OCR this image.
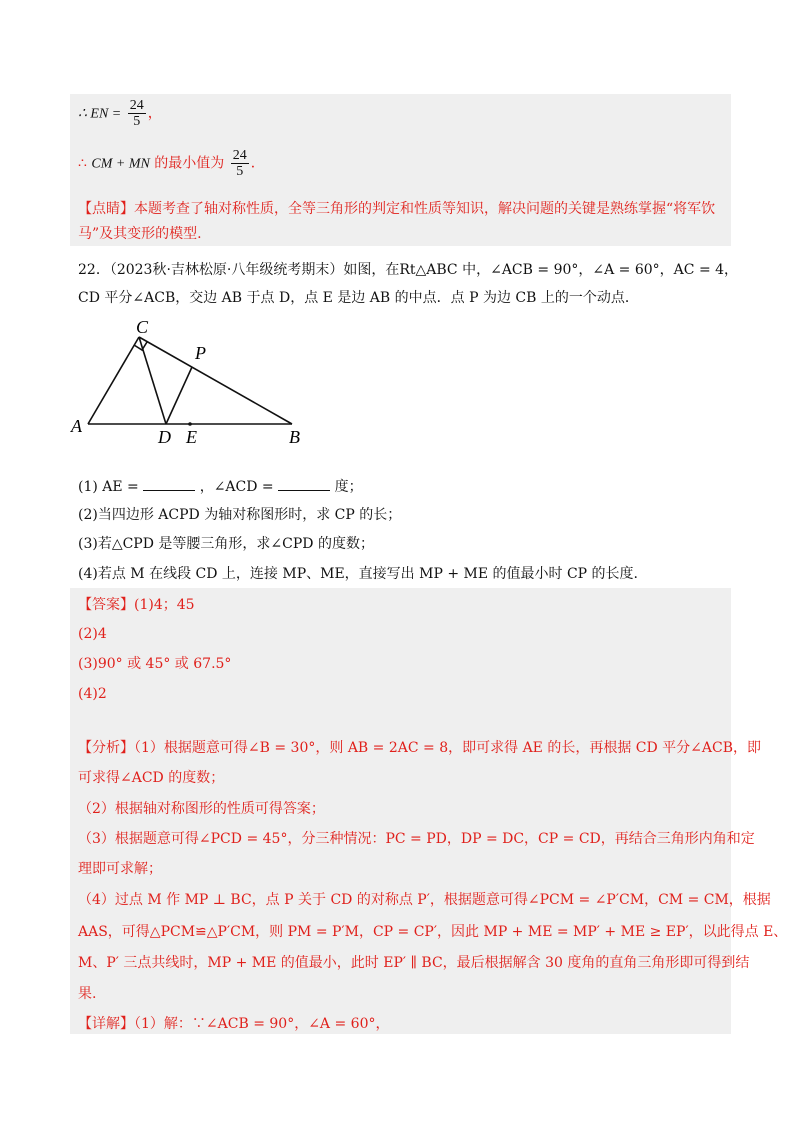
∴ EN = $\frac{24}{5}$ ，
∴ CM + MN 的最小值为 $\frac{24}{5}$ ．
【点睛】本题考查了轴对称性质，全等三角形的判定和性质等知识，解决问题的关键是熟练掌握“将军饮
马”及其变形的模型.
22．（2023秋·吉林松原·八年级统考期末）如图，在Rt△ABC 中，∠ACB = 90°，∠A = 60°，AC = 4，
CD 平分∠ACB，交边 AB 于点 D，点 E 是边 AB 的中点．点 P 为边 CB 上的一个动点．
C
P
A
D E	B
(1) AE =	，∠ACD =	度；
(2)当四边形 ACPD 为轴对称图形时，求 CP 的长；
(3)若△CPD 是等腰三角形，求∠CPD 的度数；
(4)若点 M 在线段 CD 上，连接 MP、ME，直接写出 MP + ME 的值最小时 CP 的长度.
【答案】(1)4；45
(2)4
(3)90° 或 45° 或 67.5°
(4)2
【分析】（1）根据题意可得∠B = 30°，则 AB = 2AC = 8，即可求得 AE 的长，再根据 CD 平分∠ACB，即
可求得∠ACD 的度数；
（2）根据轴对称图形的性质可得答案；
（3）根据题意可得∠PCD = 45°，分三种情况：PC = PD，DP = DC，CP = CD，再结合三角形内角和定
理即可求解；
（4）过点 M 作 MP ⊥ BC，点 P 关于 CD 的对称点 P′，根据题意可得∠PCM = ∠P′CM，CM = CM，根据
AAS，可得△PCM≌△P′CM，则 PM = P′M，CP = CP′，因此 MP + ME = MP′ + ME ≥ EP′，以此得点 E、
M、P′ 三点共线时，MP + ME 的值最小，此时 EP′ ∥ BC，最后根据解含 30 度角的直角三角形即可得到结
果.
【详解】（1）解：∵∠ACB = 90°，∠A = 60°，
